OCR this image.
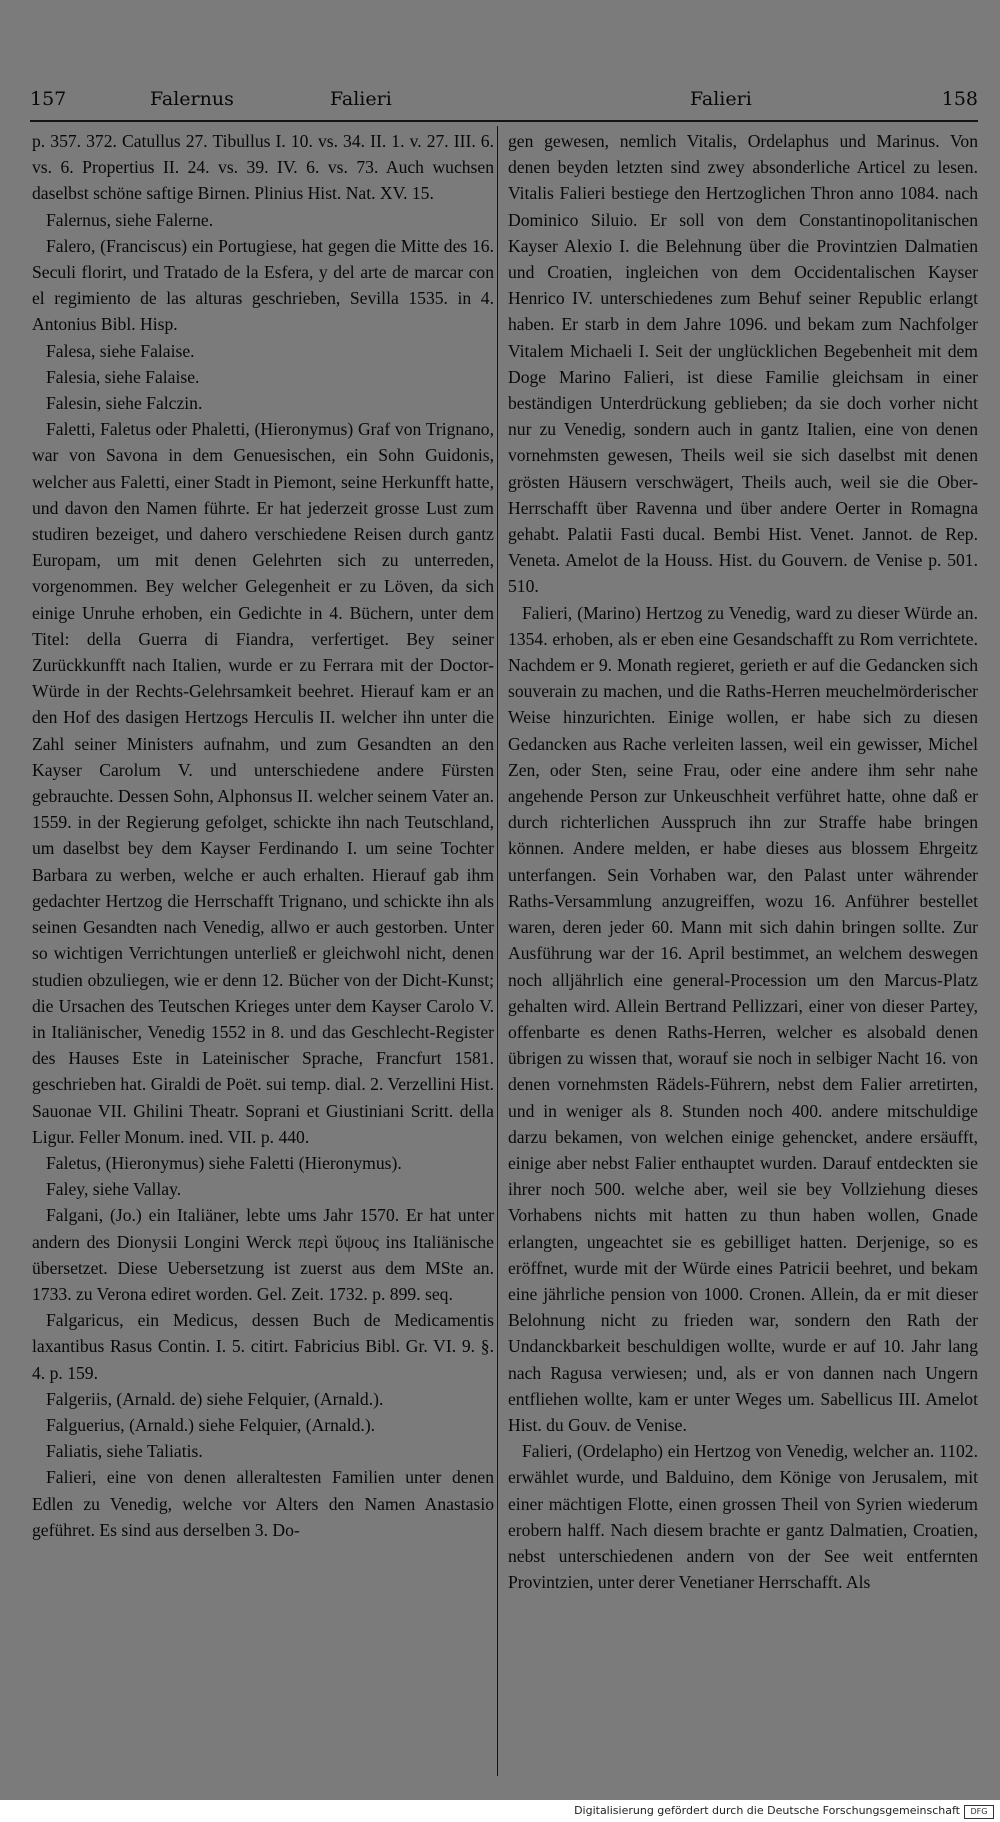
157	Falernus	Falieri	Falieri	158

p. 357. 372. Catullus 27. Tibullus I. 10. vs. 34. II. 1. v. 27. III. 6. vs. 6. Propertius II. 24. vs. 39. IV. 6. vs. 73. Auch wuchsen daselbst schöne saftige Birnen. Plinius Hist. Nat. XV. 15.

Falernus, siehe Falerne.

Falero, (Franciscus) ein Portugiese, hat gegen die Mitte des 16. Seculi florirt, und Tratado de la Esfera, y del arte de marcar con el regimiento de las alturas geschrieben, Sevilla 1535. in 4. Antonius Bibl. Hisp.

Falesa, siehe Falaise.

Falesia, siehe Falaise.

Falesin, siehe Falczin.

Faletti, Faletus oder Phaletti, (Hieronymus) Graf von Trignano, war von Savona in dem Genuesischen, ein Sohn Guidonis, welcher aus Faletti, einer Stadt in Piemont, seine Herkunfft hatte, und davon den Namen führte. Er hat jederzeit grosse Lust zum studiren bezeiget, und dahero verschiedene Reisen durch gantz Europam, um mit denen Gelehrten sich zu unterreden, vorgenommen. Bey welcher Gelegenheit er zu Löven, da sich einige Unruhe erhoben, ein Gedichte in 4. Büchern, unter dem Titel: della Guerra di Fiandra, verfertiget. Bey seiner Zurückkunfft nach Italien, wurde er zu Ferrara mit der Doctor-Würde in der Rechts-Gelehrsamkeit beehret. Hierauf kam er an den Hof des dasigen Hertzogs Herculis II. welcher ihn unter die Zahl seiner Ministers aufnahm, und zum Gesandten an den Kayser Carolum V. und unterschiedene andere Fürsten gebrauchte. Dessen Sohn, Alphonsus II. welcher seinem Vater an. 1559. in der Regierung gefolget, schickte ihn nach Teutschland, um daselbst bey dem Kayser Ferdinando I. um seine Tochter Barbara zu werben, welche er auch erhalten. Hierauf gab ihm gedachter Hertzog die Herrschafft Trignano, und schickte ihn als seinen Gesandten nach Venedig, allwo er auch gestorben. Unter so wichtigen Verrichtungen unterließ er gleichwohl nicht, denen studien obzuliegen, wie er denn 12. Bücher von der Dicht-Kunst; die Ursachen des Teutschen Krieges unter dem Kayser Carolo V. in Italiänischer, Venedig 1552 in 8. und das Geschlecht-Register des Hauses Este in Lateinischer Sprache, Francfurt 1581. geschrieben hat. Giraldi de Poët. sui temp. dial. 2. Verzellini Hist. Sauonae VII. Ghilini Theatr. Soprani et Giustiniani Scritt. della Ligur. Feller Monum. ined. VII. p. 440.

Faletus, (Hieronymus) siehe Faletti (Hieronymus).

Faley, siehe Vallay.

Falgani, (Jo.) ein Italiäner, lebte ums Jahr 1570. Er hat unter andern des Dionysii Longini Werck περὶ ὕψους ins Italiänische übersetzet. Diese Uebersetzung ist zuerst aus dem MSte an. 1733. zu Verona ediret worden. Gel. Zeit. 1732. p. 899. seq.

Falgaricus, ein Medicus, dessen Buch de Medicamentis laxantibus Rasus Contin. I. 5. citirt. Fabricius Bibl. Gr. VI. 9. §. 4. p. 159.

Falgeriis, (Arnald. de) siehe Felquier, (Arnald.).

Falguerius, (Arnald.) siehe Felquier, (Arnald.).

Faliatis, siehe Taliatis.

Falieri, eine von denen alleraltesten Familien unter denen Edlen zu Venedig, welche vor Alters den Namen Anastasio geführet. Es sind aus derselben 3. Do-

gen gewesen, nemlich Vitalis, Ordelaphus und Marinus. Von denen beyden letzten sind zwey absonderliche Articel zu lesen. Vitalis Falieri bestiege den Hertzoglichen Thron anno 1084. nach Dominico Siluio. Er soll von dem Constantinopolitanischen Kayser Alexio I. die Belehnung über die Provintzien Dalmatien und Croatien, ingleichen von dem Occidentalischen Kayser Henrico IV. unterschiedenes zum Behuf seiner Republic erlangt haben. Er starb in dem Jahre 1096. und bekam zum Nachfolger Vitalem Michaeli I. Seit der unglücklichen Begebenheit mit dem Doge Marino Falieri, ist diese Familie gleichsam in einer beständigen Unterdrückung geblieben; da sie doch vorher nicht nur zu Venedig, sondern auch in gantz Italien, eine von denen vornehmsten gewesen, Theils weil sie sich daselbst mit denen grösten Häusern verschwägert, Theils auch, weil sie die Ober-Herrschafft über Ravenna und über andere Oerter in Romagna gehabt. Palatii Fasti ducal. Bembi Hist. Venet. Jannot. de Rep. Veneta. Amelot de la Houss. Hist. du Gouvern. de Venise p. 501. 510.

Falieri, (Marino) Hertzog zu Venedig, ward zu dieser Würde an. 1354. erhoben, als er eben eine Gesandschafft zu Rom verrichtete. Nachdem er 9. Monath regieret, gerieth er auf die Gedancken sich souverain zu machen, und die Raths-Herren meuchelmörderischer Weise hinzurichten. Einige wollen, er habe sich zu diesen Gedancken aus Rache verleiten lassen, weil ein gewisser, Michel Zen, oder Sten, seine Frau, oder eine andere ihm sehr nahe angehende Person zur Unkeuschheit verführet hatte, ohne daß er durch richterlichen Ausspruch ihn zur Straffe habe bringen können. Andere melden, er habe dieses aus blossem Ehrgeitz unterfangen. Sein Vorhaben war, den Palast unter währender Raths-Versammlung anzugreiffen, wozu 16. Anführer bestellet waren, deren jeder 60. Mann mit sich dahin bringen sollte. Zur Ausführung war der 16. April bestimmet, an welchem deswegen noch alljährlich eine general-Procession um den Marcus-Platz gehalten wird. Allein Bertrand Pellizzari, einer von dieser Partey, offenbarte es denen Raths-Herren, welcher es alsobald denen übrigen zu wissen that, worauf sie noch in selbiger Nacht 16. von denen vornehmsten Rädels-Führern, nebst dem Falier arretirten, und in weniger als 8. Stunden noch 400. andere mitschuldige darzu bekamen, von welchen einige gehencket, andere ersäufft, einige aber nebst Falier enthauptet wurden. Darauf entdeckten sie ihrer noch 500. welche aber, weil sie bey Vollziehung dieses Vorhabens nichts mit hatten zu thun haben wollen, Gnade erlangten, ungeachtet sie es gebilliget hatten. Derjenige, so es eröffnet, wurde mit der Würde eines Patricii beehret, und bekam eine jährliche pension von 1000. Cronen. Allein, da er mit dieser Belohnung nicht zu frieden war, sondern den Rath der Undanckbarkeit beschuldigen wollte, wurde er auf 10. Jahr lang nach Ragusa verwiesen; und, als er von dannen nach Ungern entfliehen wollte, kam er unter Weges um. Sabellicus III. Amelot Hist. du Gouv. de Venise.

Falieri, (Ordelapho) ein Hertzog von Venedig, welcher an. 1102. erwählet wurde, und Balduino, dem Könige von Jerusalem, mit einer mächtigen Flotte, einen grossen Theil von Syrien wiederum erobern halff. Nach diesem brachte er gantz Dalmatien, Croatien, nebst unterschiedenen andern von der See weit entfernten Provintzien, unter derer Venetianer Herrschafft. Als

Digitalisierung gefördert durch die Deutsche Forschungsgemeinschaft	DFG
